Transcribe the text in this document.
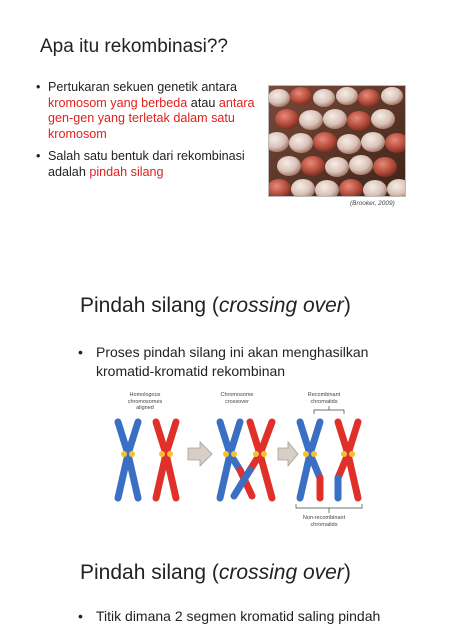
Apa itu rekombinasi??
• Pertukaran sekuen genetik antara kromosom yang berbeda atau antara gen-gen yang terletak dalam satu kromosom
• Salah satu bentuk dari rekombinasi adalah pindah silang
(Brooker, 2009)
Pindah silang (crossing over)
• Proses pindah silang ini akan menghasilkan kromatid-kromatid rekombinan
Homologous chromosomes aligned
Chromosome crossover
Recombinant chromatids
Non-recombinant chromatids
Pindah silang (crossing over)
• Titik dimana 2 segmen kromatid saling pindah
